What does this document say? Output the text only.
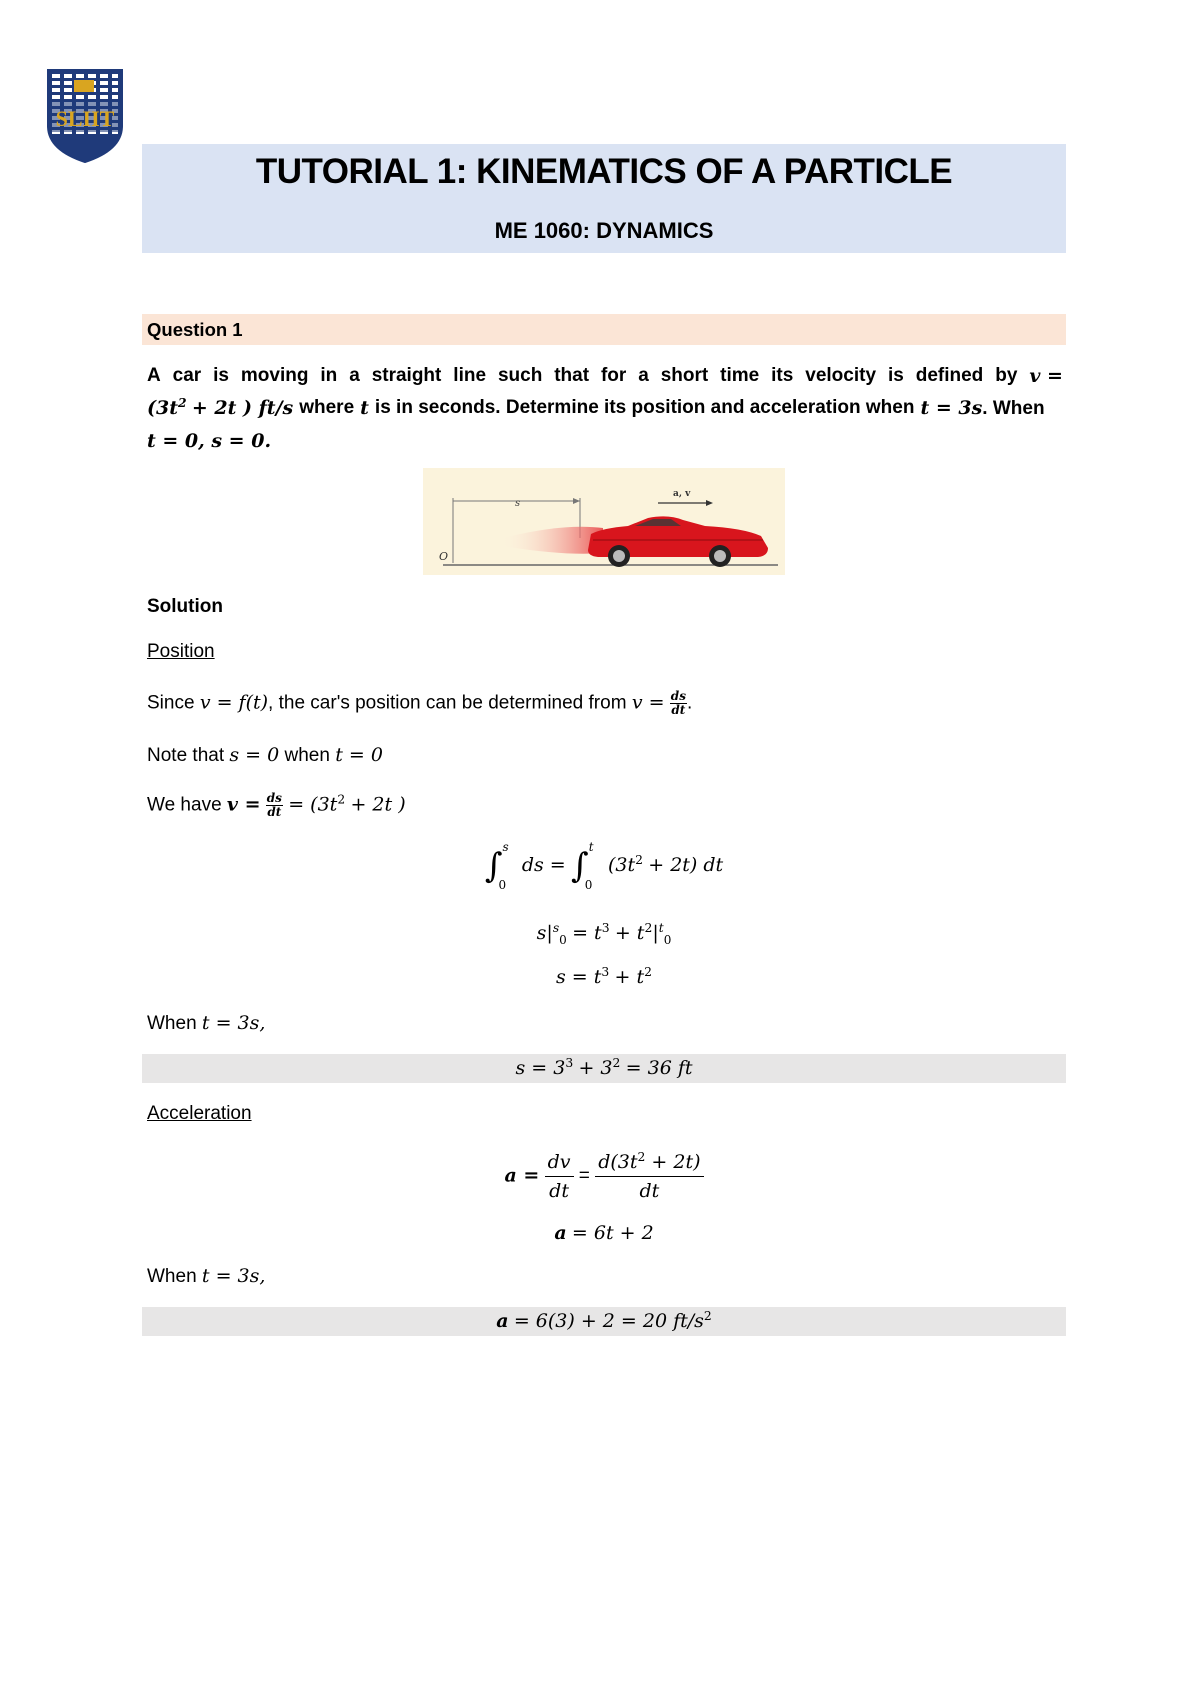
SLIIT
TUTORIAL 1: KINEMATICS OF A PARTICLE
ME 1060: DYNAMICS
Question 1
A car is moving in a straight line such that for a short time its velocity is defined by v =
($3t^2 + 2t$ ) ft/s where t is in seconds. Determine its position and acceleration when t = 3s. When
t = 0, s = 0.
s
a, v
O
Solution
Position
Since v = f(t), the car's position can be determined from $v = \frac{ds}{dt}$ .
Note that s = 0 when t = 0
We have $v = \frac{ds}{dt} = (3t^2 + 2t$ )
∫ s
0
ds = ∫ t
0
$(3t^2 + 2t)$ dt
$s|^s_0 = t^3 + t^2|^t_0$
$s = t^3 + t^2$
When t = 3s,
$s = 3^3 + 3^2 = 36$ ft
Acceleration
$a = \frac{dv}{dt} = \frac{d(3t^2 + 2t)}{dt}$
a = 6t + 2
When t = 3s,
a = 6(3) + 2 = 20 $ft/s^2$
